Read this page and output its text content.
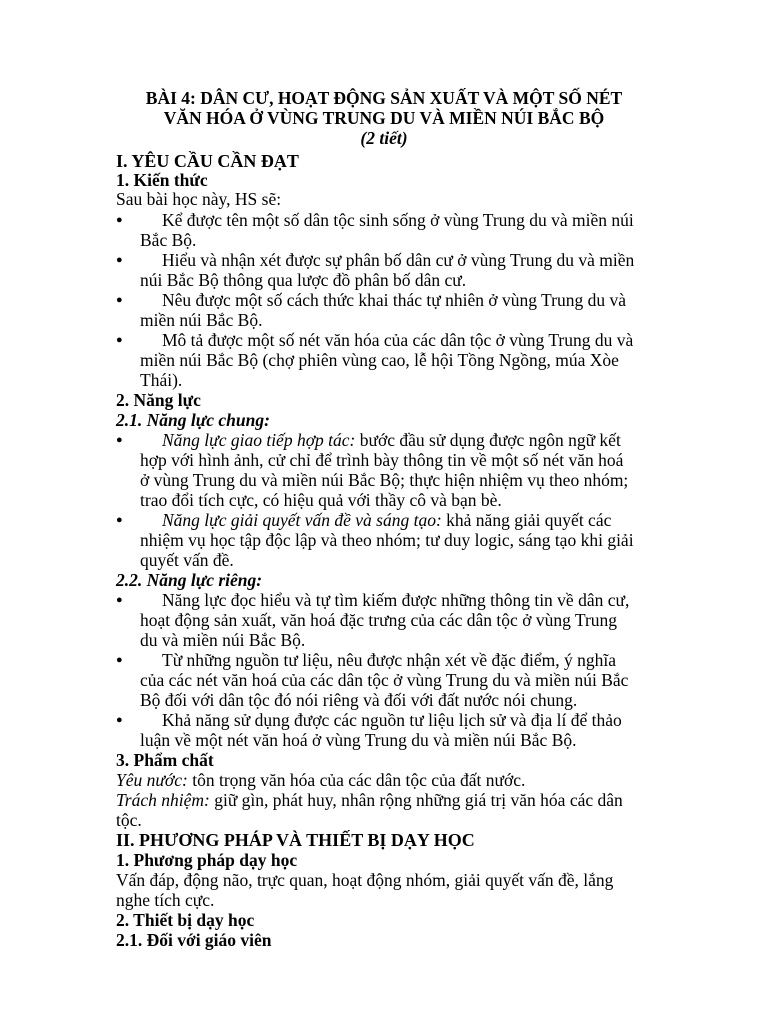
BÀI 4: DÂN CƯ, HOẠT ĐỘNG SẢN XUẤT VÀ MỘT SỐ NÉT
VĂN HÓA Ở VÙNG TRUNG DU VÀ MIỀN NÚI BẮC BỘ
(2 tiết)
I. YÊU CẦU CẦN ĐẠT
1. Kiến thức
Sau bài học này, HS sẽ:
● Kể được tên một số dân tộc sinh sống ở vùng Trung du và miền núi
Bắc Bộ.
● Hiểu và nhận xét được sự phân bố dân cư ở vùng Trung du và miền
núi Bắc Bộ thông qua lược đồ phân bố dân cư.
● Nêu được một số cách thức khai thác tự nhiên ở vùng Trung du và
miền núi Bắc Bộ.
● Mô tả được một số nét văn hóa của các dân tộc ở vùng Trung du và
miền núi Bắc Bộ (chợ phiên vùng cao, lễ hội Tồng Ngồng, múa Xòe
Thái).
2. Năng lực
2.1. Năng lực chung:
● Năng lực giao tiếp hợp tác: bước đầu sử dụng được ngôn ngữ kết
hợp với hình ảnh, cử chỉ để trình bày thông tin về một số nét văn hoá
ở vùng Trung du và miền núi Bắc Bộ; thực hiện nhiệm vụ theo nhóm;
trao đổi tích cực, có hiệu quả với thầy cô và bạn bè.
● Năng lực giải quyết vấn đề và sáng tạo: khả năng giải quyết các
nhiệm vụ học tập độc lập và theo nhóm; tư duy logic, sáng tạo khi giải
quyết vấn đề.
2.2. Năng lực riêng:
● Năng lực đọc hiểu và tự tìm kiếm được những thông tin về dân cư,
hoạt động sản xuất, văn hoá đặc trưng của các dân tộc ở vùng Trung
du và miền núi Bắc Bộ.
● Từ những nguồn tư liệu, nêu được nhận xét về đặc điểm, ý nghĩa
của các nét văn hoá của các dân tộc ở vùng Trung du và miền núi Bắc
Bộ đối với dân tộc đó nói riêng và đối với đất nước nói chung.
● Khả năng sử dụng được các nguồn tư liệu lịch sử và địa lí để thảo
luận về một nét văn hoá ở vùng Trung du và miền núi Bắc Bộ.
3. Phẩm chất
Yêu nước: tôn trọng văn hóa của các dân tộc của đất nước.
Trách nhiệm: giữ gìn, phát huy, nhân rộng những giá trị văn hóa các dân
tộc.
II. PHƯƠNG PHÁP VÀ THIẾT BỊ DẠY HỌC
1. Phương pháp dạy học
Vấn đáp, động não, trực quan, hoạt động nhóm, giải quyết vấn đề, lắng
nghe tích cực.
2. Thiết bị dạy học
2.1. Đối với giáo viên
